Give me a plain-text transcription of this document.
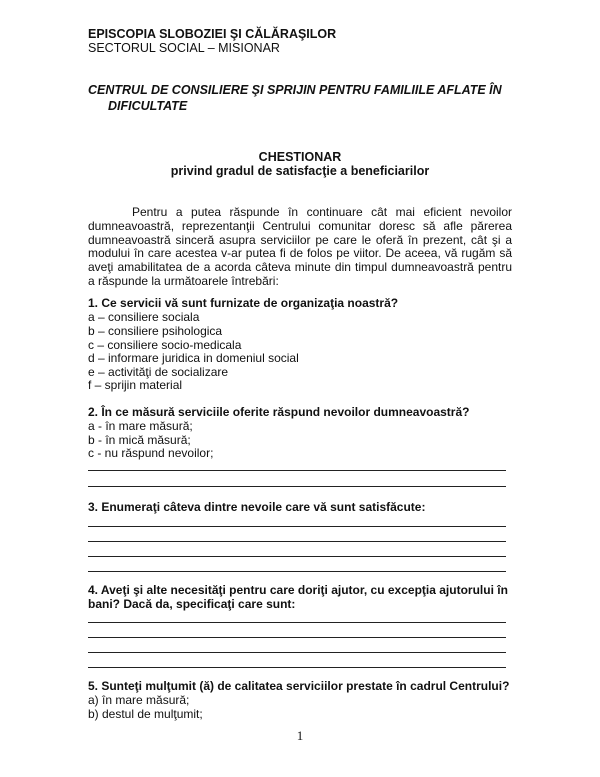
EPISCOPIA SLOBOZIEI ŞI CĂLĂRAŞILOR
SECTORUL SOCIAL – MISIONAR
CENTRUL DE CONSILIERE ŞI SPRIJIN PENTRU FAMILIILE AFLATE ÎN
DIFICULTATE
CHESTIONAR
privind gradul de satisfacţie a beneficiarilor
Pentru a putea răspunde în continuare cât mai eficient nevoilor dumneavoastră, reprezentanţii Centrului comunitar doresc să afle părerea dumneavoastră sinceră asupra serviciilor pe care le oferă în prezent, cât şi a modului în care acestea v-ar putea fi de folos pe viitor. De aceea, vă rugăm să aveţi amabilitatea de a acorda câteva minute din timpul dumneavoastră pentru a răspunde la următoarele întrebări:
1. Ce servicii vă sunt furnizate de organizaţia noastră?
a – consiliere sociala
b – consiliere psihologica
c – consiliere socio-medicala
d – informare juridica in domeniul social
e – activităţi de socializare
f – sprijin material
2. În ce măsură serviciile oferite răspund nevoilor dumneavoastră?
a - în mare măsură;
b - în mică măsură;
c - nu răspund nevoilor;
3. Enumeraţi câteva dintre nevoile care vă sunt satisfăcute:
4. Aveţi şi alte necesităţi pentru care doriţi ajutor, cu excepţia ajutorului în
bani? Dacă da, specificaţi care sunt:
5. Sunteţi mulţumit (ă) de calitatea serviciilor prestate în cadrul Centrului?
a) în mare măsură;
b) destul de mulţumit;
1
